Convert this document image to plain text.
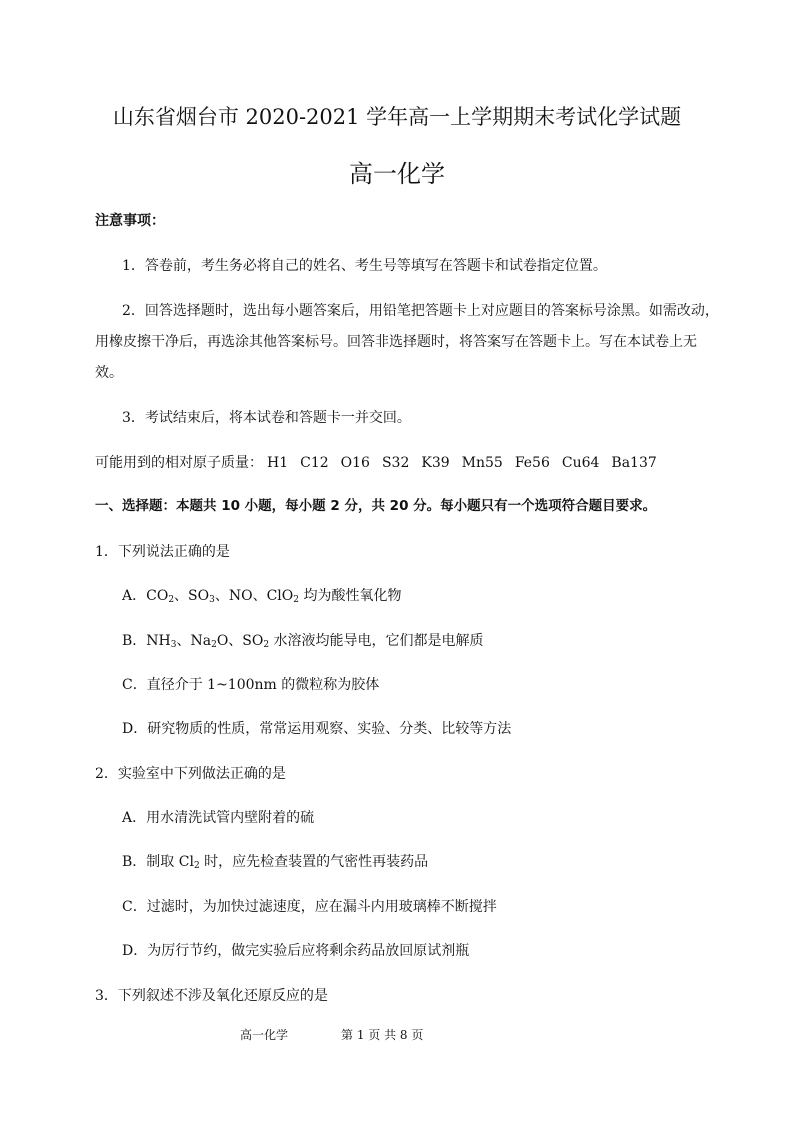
山东省烟台市 2020-2021 学年高一上学期期末考试化学试题
高一化学
注意事项：
1．答卷前，考生务必将自己的姓名、考生号等填写在答题卡和试卷指定位置。
2．回答选择题时，选出每小题答案后，用铅笔把答题卡上对应题目的答案标号涂黑。如需改动，
用橡皮擦干净后，再选涂其他答案标号。回答非选择题时，将答案写在答题卡上。写在本试卷上无
效。
3．考试结束后，将本试卷和答题卡一并交回。
可能用到的相对原子质量： H1 C12 O16 S32 K39 Mn55 Fe56 Cu64 Ba137
一、选择题：本题共 10 小题，每小题 2 分，共 20 分。每小题只有一个选项符合题目要求。
1．下列说法正确的是
A．$CO_2$、$SO_3$、NO、ClO$_2$ 均为酸性氧化物
B．$NH_3$、$Na_2O$、$SO_2$ 水溶液均能导电，它们都是电解质
C．直径介于 1~100nm 的微粒称为胶体
D．研究物质的性质，常常运用观察、实验、分类、比较等方法
2．实验室中下列做法正确的是
A．用水清洗试管内壁附着的硫
B．制取 $Cl_2$ 时，应先检查装置的气密性再装药品
C．过滤时，为加快过滤速度，应在漏斗内用玻璃棒不断搅拌
D．为厉行节约，做完实验后应将剩余药品放回原试剂瓶
3．下列叙述不涉及氧化还原反应的是
高一化学	第 1 页 共 8 页
